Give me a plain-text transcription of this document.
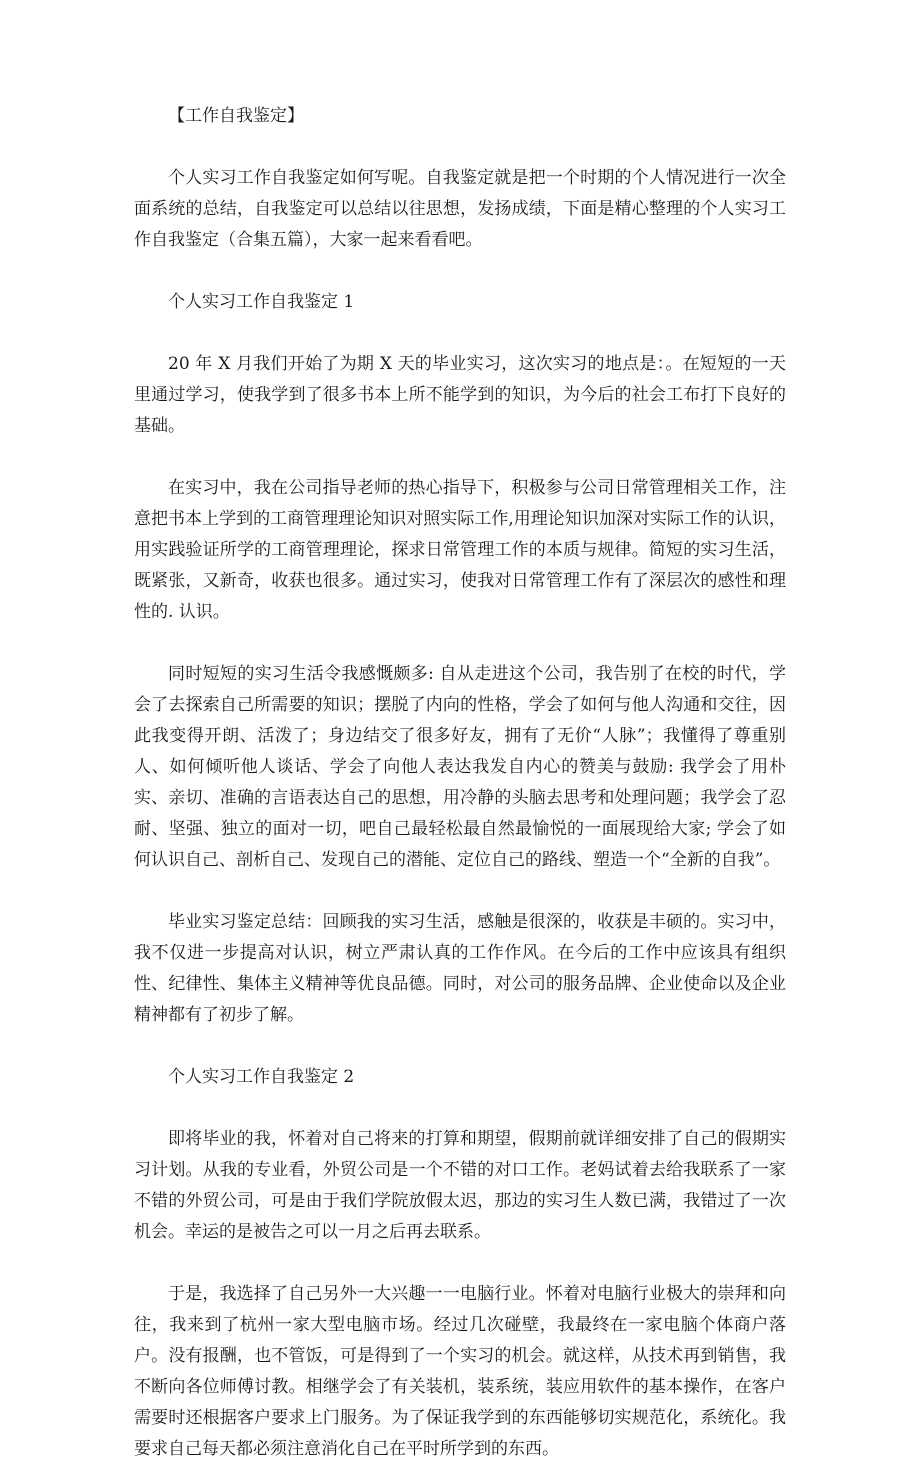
【工作自我鉴定】

个人实习工作自我鉴定如何写呢。自我鉴定就是把一个时期的个人情况进行一次全面系统的总结，自我鉴定可以总结以往思想，发扬成绩，下面是精心整理的个人实习工作自我鉴定（合集五篇），大家一起来看看吧。

个人实习工作自我鉴定 1

20 年 X 月我们开始了为期 X 天的毕业实习，这次实习的地点是：。在短短的一天里通过学习，使我学到了很多书本上所不能学到的知识，为今后的社会工布打下良好的基础。

在实习中，我在公司指导老师的热心指导下，积极参与公司日常管理相关工作，注意把书本上学到的工商管理理论知识对照实际工作,用理论知识加深对实际工作的认识，用实践验证所学的工商管理理论，探求日常管理工作的本质与规律。简短的实习生活，既紧张，又新奇，收获也很多。通过实习，使我对日常管理工作有了深层次的感性和理性的. 认识。

同时短短的实习生活令我感慨颇多: 自从走进这个公司，我告别了在校的时代，学会了去探索自己所需要的知识；摆脱了内向的性格，学会了如何与他人沟通和交往，因此我变得开朗、活泼了；身边结交了很多好友，拥有了无价“人脉”；我懂得了尊重别人、如何倾听他人谈话、学会了向他人表达我发自内心的赞美与鼓励: 我学会了用朴实、亲切、准确的言语表达自己的思想，用冷静的头脑去思考和处理问题；我学会了忍耐、坚强、独立的面对一切，吧自己最轻松最自然最愉悦的一面展现给大家; 学会了如何认识自己、剖析自己、发现自己的潜能、定位自己的路线、塑造一个“全新的自我”。

毕业实习鉴定总结：回顾我的实习生活，感触是很深的，收获是丰硕的。实习中，我不仅进一步提高对认识，树立严肃认真的工作作风。在今后的工作中应该具有组织性、纪律性、集体主义精神等优良品德。同时，对公司的服务品牌、企业使命以及企业精神都有了初步了解。

个人实习工作自我鉴定 2

即将毕业的我，怀着对自己将来的打算和期望，假期前就详细安排了自己的假期实习计划。从我的专业看，外贸公司是一个不错的对口工作。老妈试着去给我联系了一家不错的外贸公司，可是由于我们学院放假太迟，那边的实习生人数已满，我错过了一次机会。幸运的是被告之可以一月之后再去联系。

于是，我选择了自己另外一大兴趣一一电脑行业。怀着对电脑行业极大的崇拜和向往，我来到了杭州一家大型电脑市场。经过几次碰壁，我最终在一家电脑个体商户落户。没有报酬，也不管饭，可是得到了一个实习的机会。就这样，从技术再到销售，我不断向各位师傅讨教。相继学会了有关装机，装系统，装应用软件的基本操作，在客户需要时还根据客户要求上门服务。为了保证我学到的东西能够切实规范化，系统化。我要求自己每天都必须注意消化自己在平时所学到的东西。
